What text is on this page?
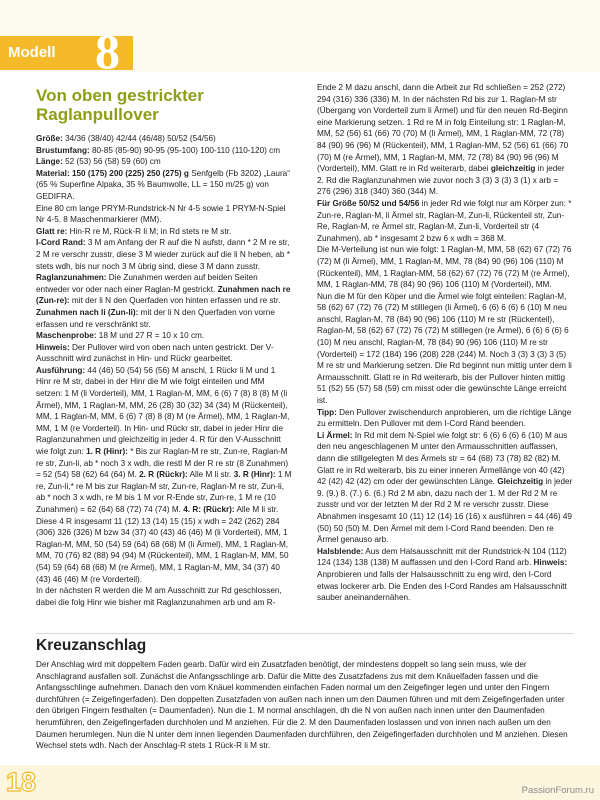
Modell 8
Von oben gestrickter
Raglanpullover

Größe: 34/36 (38/40) 42/44 (46/48) 50/52 (54/56)

Brustumfang: 80-85 (85-90) 90-95 (95-100) 100-110 (110-120) cm

Länge: 52 (53) 56 (58) 59 (60) cm

Material: 150 (175) 200 (225) 250 (275) g Senfgelb (Fb 3202) „Laura“ (65 % Superfine Alpaka, 35 % Baumwolle, LL = 150 m/25 g) von GEDIFRA.

Eine 80 cm lange PRYM-Rundstrick-N Nr 4-5 sowie 1 PRYM-N-Spiel Nr 4-5. 8 Maschenmarkierer (MM).

Glatt re: Hin-R re M, Rück-R li M; in Rd stets re M str.

I-Cord Rand: 3 M am Anfang der R auf die N aufstr, dann * 2 M re str, 2 M re verschr zusstr, diese 3 M wieder zurück auf die li N heben, ab * stets wdh, bis nur noch 3 M übrig sind, diese 3 M dann zusstr.

Raglanzunahmen: Die Zunahmen werden auf beiden Seiten entweder vor oder nach einer Raglan-M gestrickt. Zunahmen nach re (Zun-re): mit der li N den Querfaden von hinten erfassen und re str. Zunahmen nach li (Zun-li): mit der li N den Querfaden von vorne erfassen und re verschränkt str.

Maschenprobe: 18 M und 27 R = 10 x 10 cm.

Hinweis: Der Pullover wird von oben nach unten gestrickt. Der V-Ausschnitt wird zunächst in Hin- und Rückr gearbeitet.

Ausführung: 44 (46) 50 (54) 56 (56) M anschl, 1 Rückr li M und 1 Hinr re M str, dabei in der Hinr die M wie folgt einteilen und MM setzen: 1 M (li Vorderteil), MM, 1 Raglan-M, MM, 6 (6) 7 (8) 8 (8) M (li Ärmel), MM, 1 Raglan-M, MM, 26 (28) 30 (32) 34 (34) M (Rückenteil), MM, 1 Raglan-M, MM, 6 (6) 7 (8) 8 (8) M (re Ärmel), MM, 1 Raglan-M, MM, 1 M (re Vorderteil). In Hin- und Rückr str, dabei in jeder Hinr die Raglanzunahmen und gleichzeitig in jeder 4. R für den V-Ausschnitt wie folgt zun: 1. R (Hinr): * Bis zur Raglan-M re str, Zun-re, Raglan-M re str, Zun-li, ab * noch 3 x wdh, die restl M der R re str (8 Zunahmen) = 52 (54) 58 (62) 64 (64) M. 2. R (Rückr): Alle M li str. 3. R (Hinr): 1 M re, Zun-li,* re M bis zur Raglan-M str, Zun-re, Raglan-M re str, Zun-li, ab * noch 3 x wdh, re M bis 1 M vor R-Ende str, Zun-re, 1 M re (10 Zunahmen) = 62 (64) 68 (72) 74 (74) M. 4. R: (Rückr): Alle M li str. Diese 4 R insgesamt 11 (12) 13 (14) 15 (15) x wdh = 242 (262) 284 (306) 326 (326) M bzw 34 (37) 40 (43) 46 (46) M (li Vorderteil), MM, 1 Raglan-M, MM, 50 (54) 59 (64) 68 (68) M (li Ärmel), MM, 1 Raglan-M, MM, 70 (76) 82 (88) 94 (94) M (Rückenteil), MM, 1 Raglan-M, MM, 50 (54) 59 (64) 68 (68) M (re Ärmel), MM, 1 Raglan-M, MM, 34 (37) 40 (43) 46 (46) M (re Vorderteil).

In der nächsten R werden die M am Ausschnitt zur Rd geschlossen, dabei die folg Hinr wie bisher mit Raglanzunahmen arb und am R-

Ende 2 M dazu anschl, dann die Arbeit zur Rd schließen = 252 (272) 294 (316) 336 (336) M. In der nächsten Rd bis zur 1. Raglan-M str (Übergang von Vorderteil zum li Ärmel) und für den neuen Rd-Beginn eine Markierung setzen. 1 Rd re M in folg Einteilung str: 1 Raglan-M, MM, 52 (56) 61 (66) 70 (70) M (li Ärmel), MM, 1 Raglan-MM, 72 (78) 84 (90) 96 (96) M (Rückenteil), MM, 1 Raglan-MM, 52 (56) 61 (66) 70 (70) M (re Ärmel), MM, 1 Raglan-M, MM, 72 (78) 84 (90) 96 (96) M (Vorderteil), MM. Glatt re in Rd weiterarb, dabei gleichzeitig in jeder 2. Rd die Raglanzunahmen wie zuvor noch 3 (3) 3 (3) 3 (1) x arb = 276 (296) 318 (340) 360 (344) M.

Für Größe 50/52 und 54/56 in jeder Rd wie folgt nur am Körper zun: * Zun-re, Raglan-M, li Ärmel str, Raglan-M, Zun-li, Rückenteil str, Zun-Re, Raglan-M, re Ärmel str, Raglan-M, Zun-li, Vorderteil str (4 Zunahmen), ab * insgesamt 2 bzw 6 x wdh = 368 M.

Die M-Verteilung ist nun wie folgt: 1 Raglan-M, MM, 58 (62) 67 (72) 76 (72) M (li Ärmel), MM, 1 Raglan-M, MM, 78 (84) 90 (96) 106 (110) M (Rückenteil), MM, 1 Raglan-MM, 58 (62) 67 (72) 76 (72) M (re Ärmel), MM, 1 Raglan-MM, 78 (84) 90 (96) 106 (110) M (Vorderteil), MM.

Nun die M für den Köper und die Ärmel wie folgt einteilen: Raglan-M, 58 (62) 67 (72) 76 (72) M stilllegen (li Ärmel), 6 (6) 6 (6) 6 (10) M neu anschl, Raglan-M, 78 (84) 90 (96) 106 (110) M re str (Rückenteil), Raglan-M, 58 (62) 67 (72) 76 (72) M stilllegen (re Ärmel), 6 (6) 6 (6) 6 (10) M neu anschl, Raglan-M, 78 (84) 90 (96) 106 (110) M re str (Vorderteil) = 172 (184) 196 (208) 228 (244) M. Noch 3 (3) 3 (3) 3 (5) M re str und Markierung setzen. Die Rd beginnt nun mittig unter dem li Armausschnitt. Glatt re in Rd weiterarb, bis der Pullover hinten mittig 51 (52) 55 (57) 58 (59) cm misst oder die gewünschte Länge erreicht ist.

Tipp: Den Pullover zwischendurch anprobieren, um die richtige Länge zu ermitteln. Den Pullover mit dem I-Cord Rand beenden.

Li Ärmel: In Rd mit dem N-Spiel wie folgt str: 6 (6) 6 (6) 6 (10) M aus den neu angeschlagenen M unter den Armausschnitten auffassen, dann die stillgelegten M des Ärmels str = 64 (68) 73 (78) 82 (82) M. Glatt re in Rd weiterarb, bis zu einer inneren Ärmellänge von 40 (42) 42 (42) 42 (42) cm oder der gewünschten Länge. Gleichzeitig in jeder 9. (9.) 8. (7.) 6. (6.) Rd 2 M abn, dazu nach der 1. M der Rd 2 M re zusstr und vor der letzten M der Rd 2 M re verschr zusstr. Diese Abnahmen insgesamt 10 (11) 12 (14) 16 (16) x ausführen = 44 (46) 49 (50) 50 (50) M. Den Ärmel mit dem I-Cord Rand beenden. Den re Ärmel genauso arb.

Halsblende: Aus dem Halsausschnitt mit der Rundstrick-N 104 (112) 124 (134) 138 (138) M auffassen und den I-Cord Rand arb. Hinweis: Anprobieren und falls der Halsausschnitt zu eng wird, den I-Cord etwas lockerer arb. Die Enden des I-Cord Randes am Halsausschnitt sauber aneinandernähen.

Kreuzanschlag
Der Anschlag wird mit doppeltem Faden gearb. Dafür wird ein Zusatzfaden benötigt, der mindestens doppelt so lang sein muss, wie der Anschlagrand ausfallen soll. Zunächst die Anfangsschlinge arb. Dafür die Mitte des Zusatzfadens zus mit dem Knäuelfaden fassen und die Anfangsschlinge aufnehmen. Danach den vom Knäuel kommenden einfachen Faden normal um den Zeigefinger legen und unter den Fingern durchführen (= Zeigefingerfaden). Den doppelten Zusatzfaden von außen nach innen um den Daumen führen und mit dem Zeigefingerfaden unter den übrigen Fingern festhalten (= Daumenfaden). Nun die 1. M normal anschlagen, dh die N von außen nach innen unter den Daumenfaden herumführen, den Zeigefingerfaden durchholen und M anziehen. Für die 2. M den Daumenfaden loslassen und von innen nach außen um den Daumen herumlegen. Nun die N unter dem innen liegenden Daumenfaden durchführen, den Zeigefingerfaden durchholen und M anziehen. Diesen Wechsel stets wdh. Nach der Anschlag-R stets 1 Rück-R li M str.
18	PassionForum.ru
